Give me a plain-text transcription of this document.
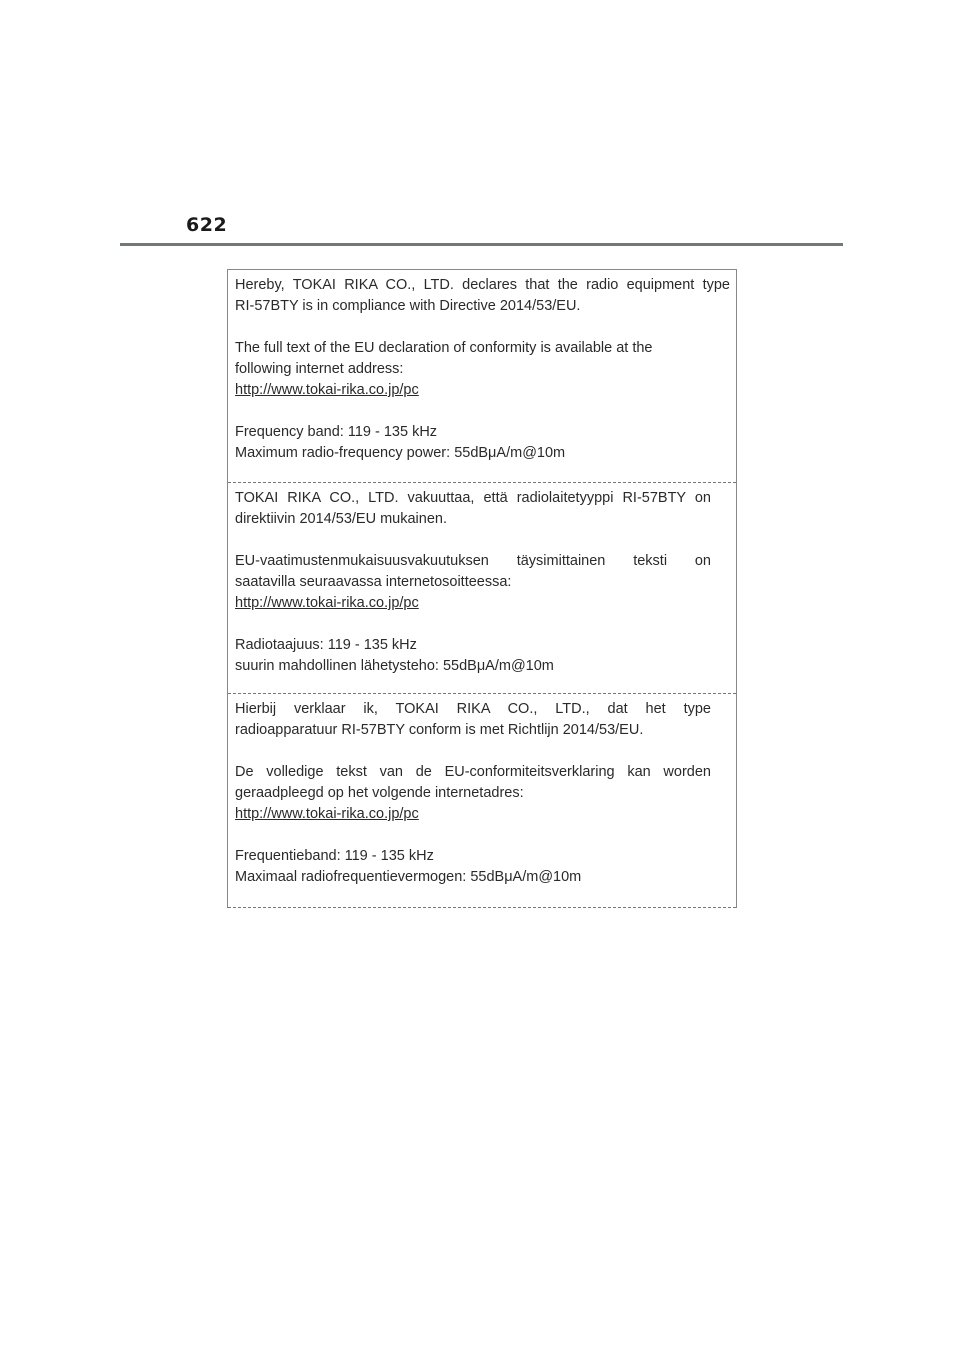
622
Hereby, TOKAI RIKA CO., LTD. declares that the radio equipment type
RI-57BTY is in compliance with Directive 2014/53/EU.
The full text of the EU declaration of conformity is available at the
following internet address:
http://www.tokai-rika.co.jp/pc
Frequency band: 119 - 135 kHz
Maximum radio-frequency power: 55dBμA/m@10m
TOKAI RIKA CO., LTD. vakuuttaa, että radiolaitetyyppi RI-57BTY on
direktiivin 2014/53/EU mukainen.
EU-vaatimustenmukaisuusvakuutuksen täysimittainen teksti on
saatavilla seuraavassa internetosoitteessa:
http://www.tokai-rika.co.jp/pc
Radiotaajuus: 119 - 135 kHz
suurin mahdollinen lähetysteho: 55dBμA/m@10m
Hierbij verklaar ik, TOKAI RIKA CO., LTD., dat het type
radioapparatuur RI-57BTY conform is met Richtlijn 2014/53/EU.
De volledige tekst van de EU-conformiteitsverklaring kan worden
geraadpleegd op het volgende internetadres:
http://www.tokai-rika.co.jp/pc
Frequentieband: 119 - 135 kHz
Maximaal radiofrequentievermogen: 55dBμA/m@10m
